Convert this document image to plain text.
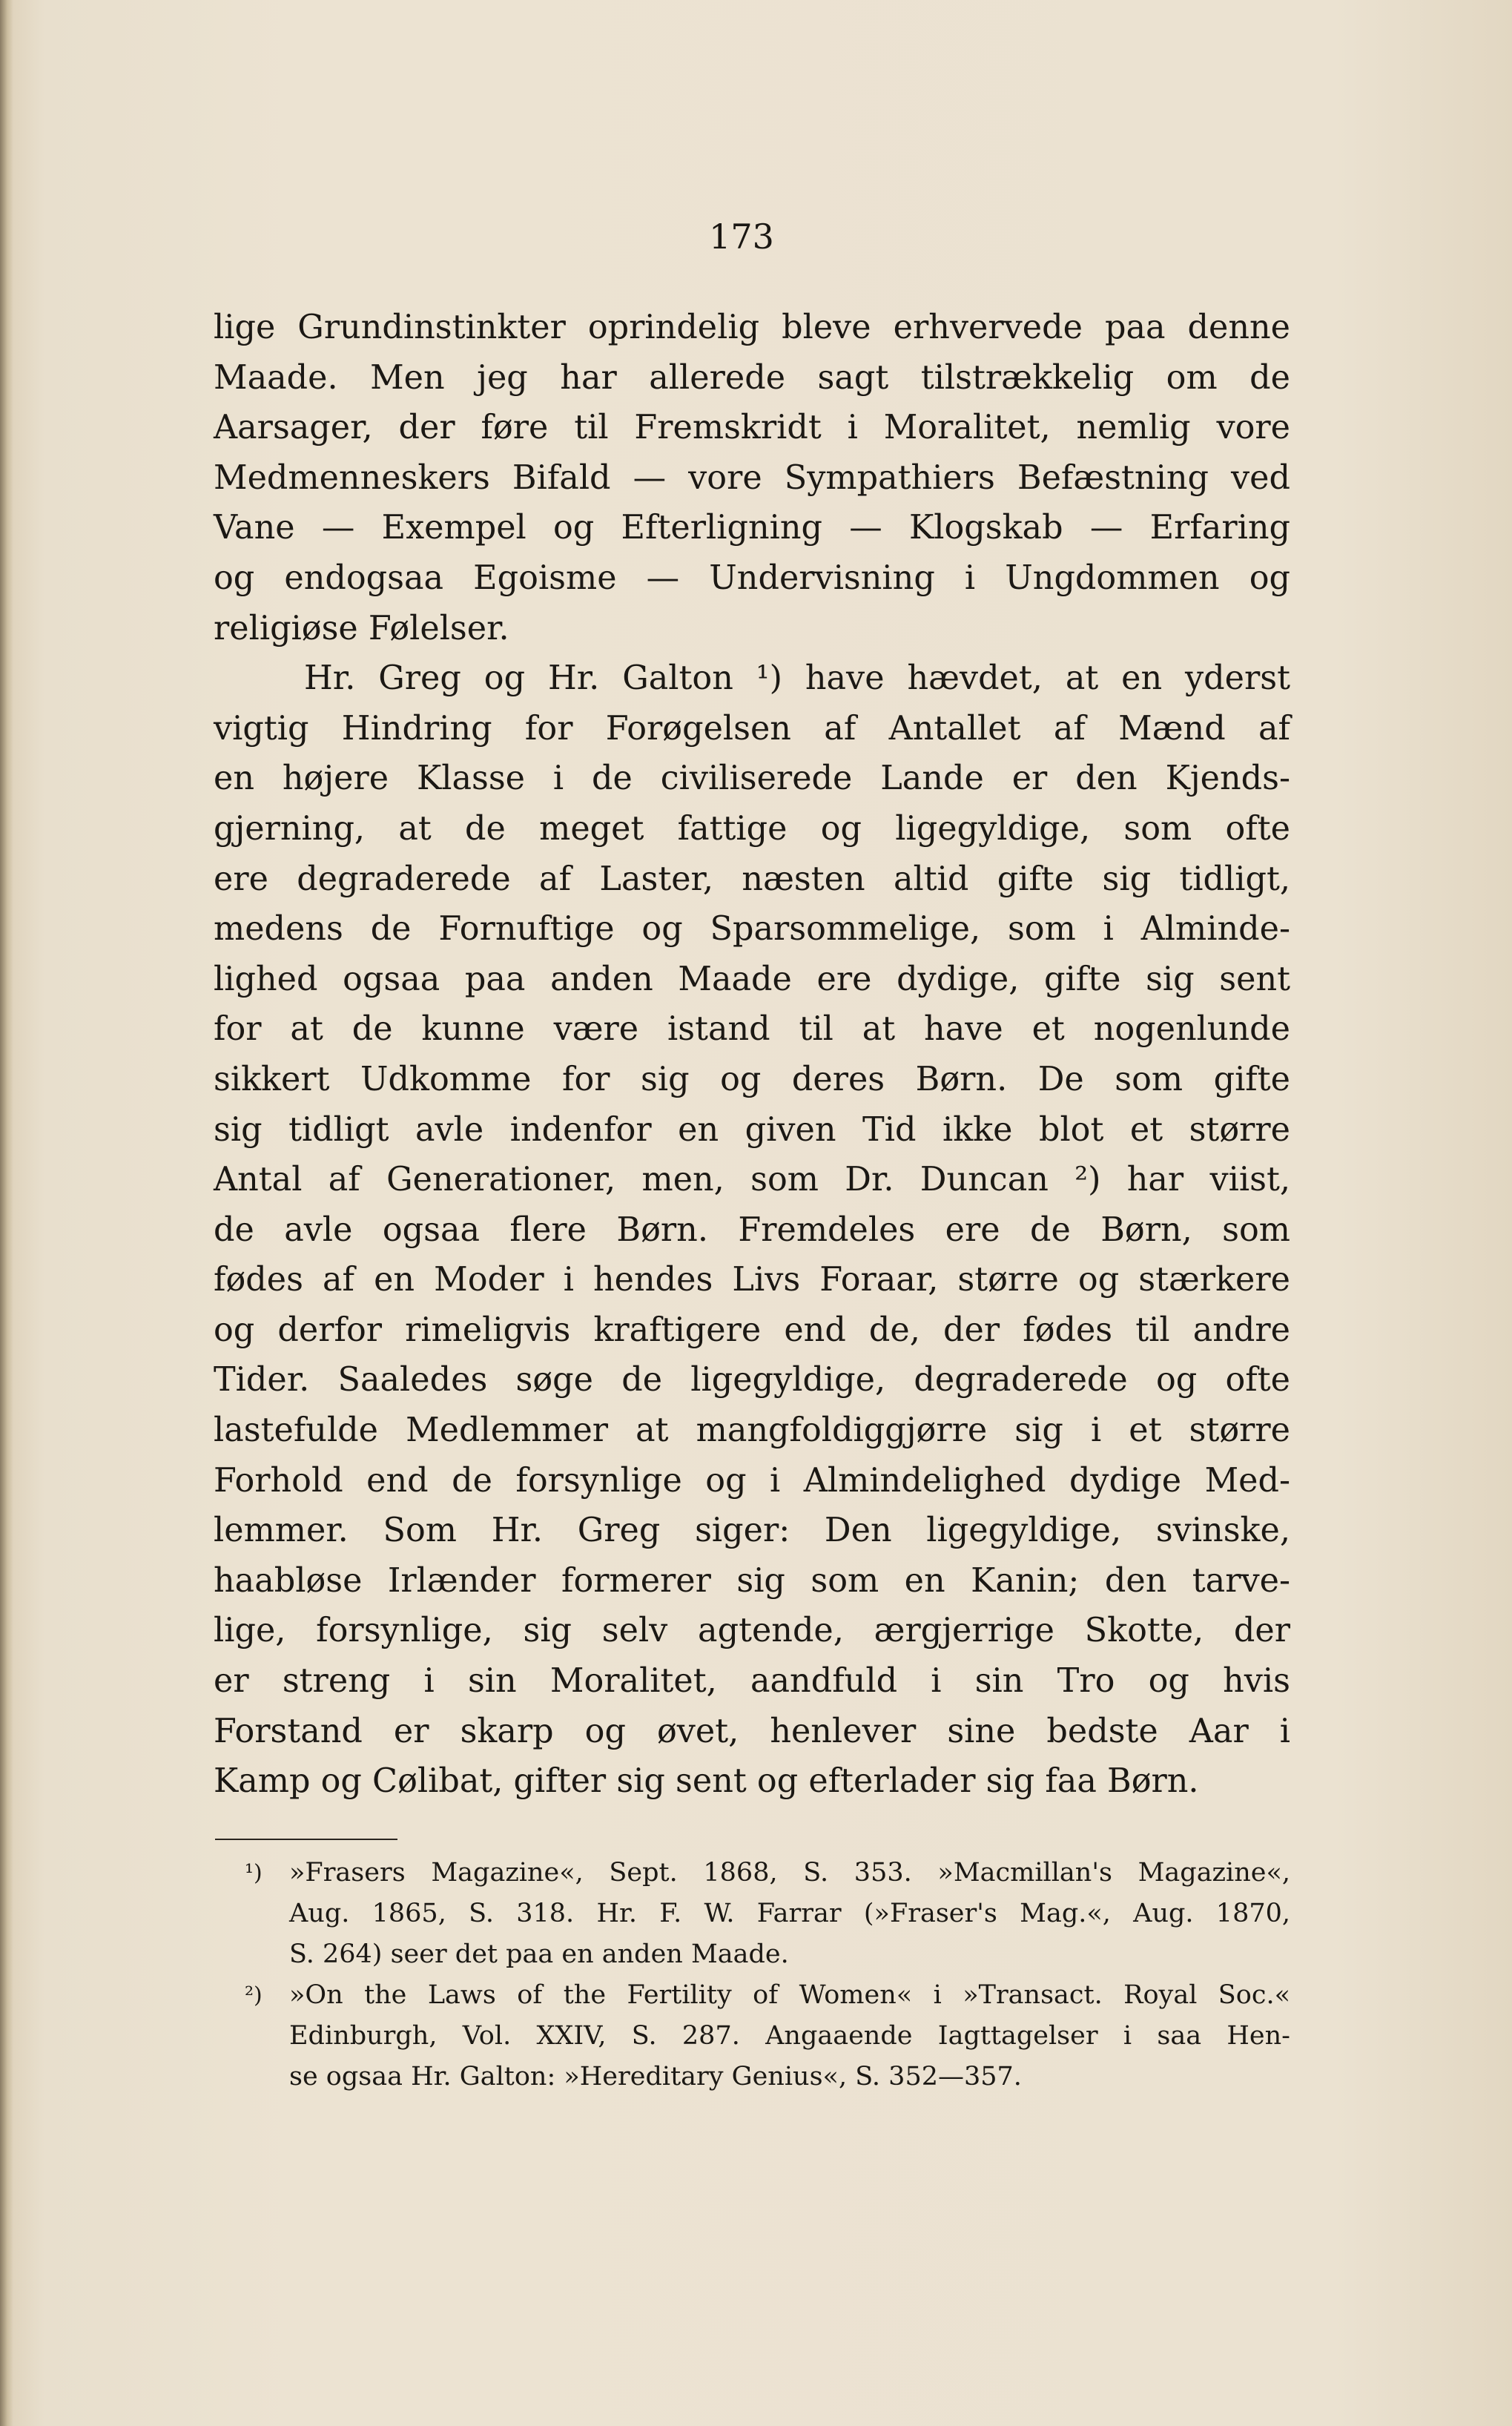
173

lige Grundinstinkter oprindelig bleve erhvervede paa denne
Maade. Men jeg har allerede sagt tilstrækkelig om de
Aarsager, der føre til Fremskridt i Moralitet, nemlig vore
Medmenneskers Bifald — vore Sympathiers Befæstning ved
Vane — Exempel og Efterligning — Klogskab — Erfaring
og endogsaa Egoisme — Undervisning i Ungdommen og
religiøse Følelser.
Hr. Greg og Hr. Galton ¹) have hævdet, at en yderst
vigtig Hindring for Forøgelsen af Antallet af Mænd af
en højere Klasse i de civiliserede Lande er den Kjends-
gjerning, at de meget fattige og ligegyldige, som ofte
ere degraderede af Laster, næsten altid gifte sig tidligt,
medens de Fornuftige og Sparsommelige, som i Alminde-
lighed ogsaa paa anden Maade ere dydige, gifte sig sent
for at de kunne være istand til at have et nogenlunde
sikkert Udkomme for sig og deres Børn. De som gifte
sig tidligt avle indenfor en given Tid ikke blot et større
Antal af Generationer, men, som Dr. Duncan ²) har viist,
de avle ogsaa flere Børn. Fremdeles ere de Børn, som
fødes af en Moder i hendes Livs Foraar, større og stærkere
og derfor rimeligvis kraftigere end de, der fødes til andre
Tider. Saaledes søge de ligegyldige, degraderede og ofte
lastefulde Medlemmer at mangfoldiggjørre sig i et større
Forhold end de forsynlige og i Almindelighed dydige Med-
lemmer. Som Hr. Greg siger: Den ligegyldige, svinske,
haabløse Irlænder formerer sig som en Kanin; den tarve-
lige, forsynlige, sig selv agtende, ærgjerrige Skotte, der
er streng i sin Moralitet, aandfuld i sin Tro og hvis
Forstand er skarp og øvet, henlever sine bedste Aar i
Kamp og Cølibat, gifter sig sent og efterlader sig faa Børn.
¹)	»Frasers Magazine«, Sept. 1868, S. 353. »Macmillan's Magazine«,
Aug. 1865, S. 318. Hr. F. W. Farrar (»Fraser's Mag.«, Aug. 1870,
S. 264) seer det paa en anden Maade.
²)	»On the Laws of the Fertility of Women« i »Transact. Royal Soc.«
Edinburgh, Vol. XXIV, S. 287. Angaaende Iagttagelser i saa Hen-
se ogsaa Hr. Galton: »Hereditary Genius«, S. 352—357.
